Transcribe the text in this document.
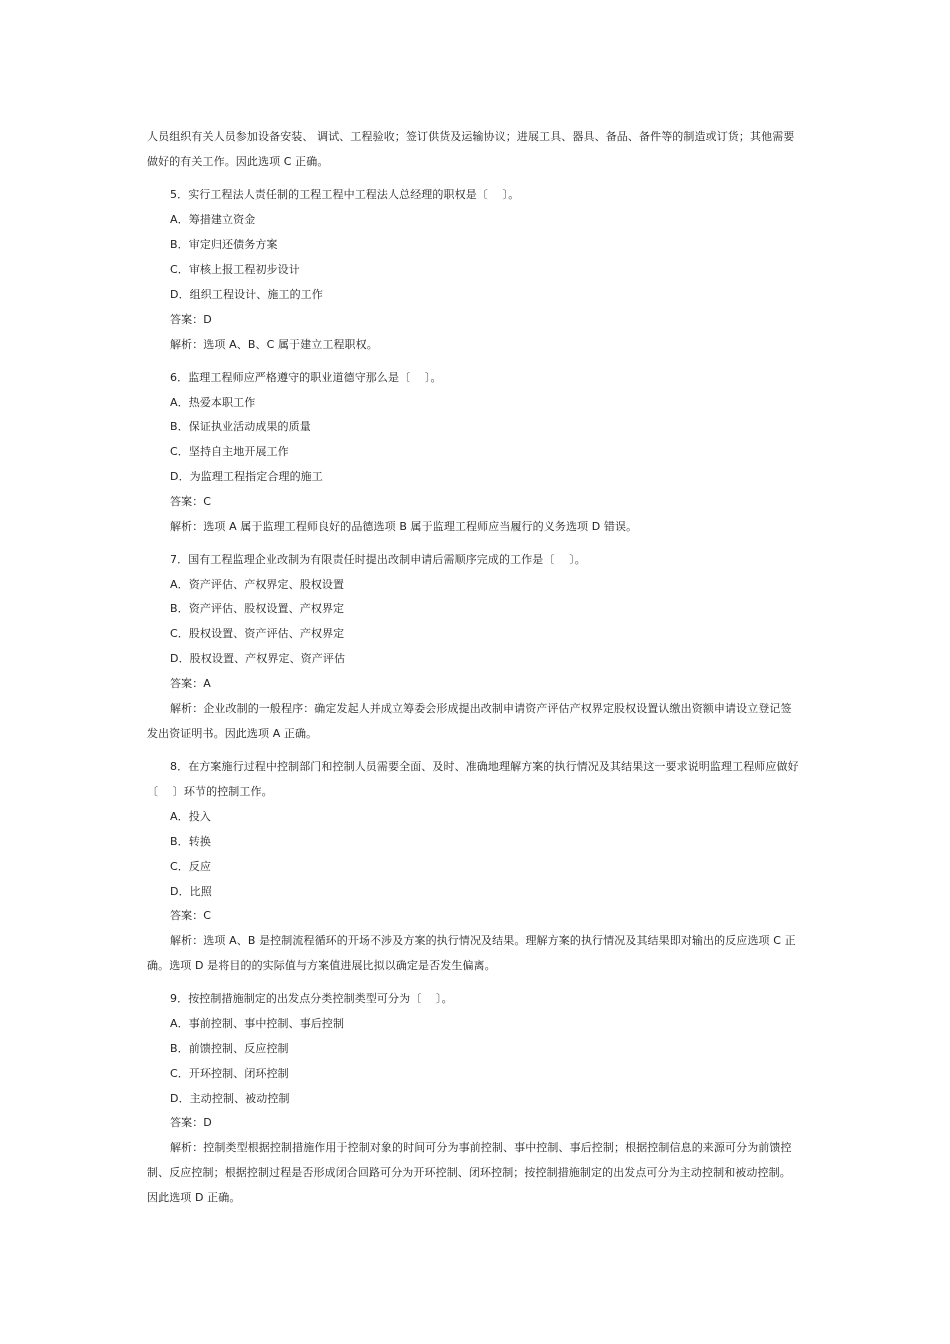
人员组织有关人员参加设备安装、 调试、工程验收；签订供货及运输协议；进展工具、器具、备品、备件等的制造或订货；其他需要
做好的有关工作。因此选项 C 正确。
5．实行工程法人责任制的工程工程中工程法人总经理的职权是〔　 〕。
A．筹措建立资金
B．审定归还债务方案
C．审核上报工程初步设计
D．组织工程设计、施工的工作
答案：D
解析：选项 A、B、C 属于建立工程职权。
6．监理工程师应严格遵守的职业道德守那么是〔　 〕。
A．热爱本职工作
B．保证执业活动成果的质量
C．坚持自主地开展工作
D．为监理工程指定合理的施工
答案：C
解析：选项 A 属于监理工程师良好的品德选项 B 属于监理工程师应当履行的义务选项 D 错误。
7．国有工程监理企业改制为有限责任时提出改制申请后需顺序完成的工作是〔　 〕。
A．资产评估、产权界定、股权设置
B．资产评估、股权设置、产权界定
C．股权设置、资产评估、产权界定
D．股权设置、产权界定、资产评估
答案：A
解析：企业改制的一般程序：确定发起人并成立筹委会形成提出改制申请资产评估产权界定股权设置认缴出资额申请设立登记签
发出资证明书。因此选项 A 正确。
8．在方案施行过程中控制部门和控制人员需要全面、及时、准确地理解方案的执行情况及其结果这一要求说明监理工程师应做好
〔　 〕环节的控制工作。
A．投入
B．转换
C．反应
D．比照
答案：C
解析：选项 A、B 是控制流程循环的开场不涉及方案的执行情况及结果。理解方案的执行情况及其结果即对输出的反应选项 C 正
确。选项 D 是将目的的实际值与方案值进展比拟以确定是否发生偏离。
9．按控制措施制定的出发点分类控制类型可分为〔　 〕。
A．事前控制、事中控制、事后控制
B．前馈控制、反应控制
C．开环控制、闭环控制
D．主动控制、被动控制
答案：D
解析：控制类型根据控制措施作用于控制对象的时间可分为事前控制、事中控制、事后控制；根据控制信息的来源可分为前馈控
制、反应控制；根据控制过程是否形成闭合回路可分为开环控制、闭环控制；按控制措施制定的出发点可分为主动控制和被动控制。
因此选项 D 正确。
